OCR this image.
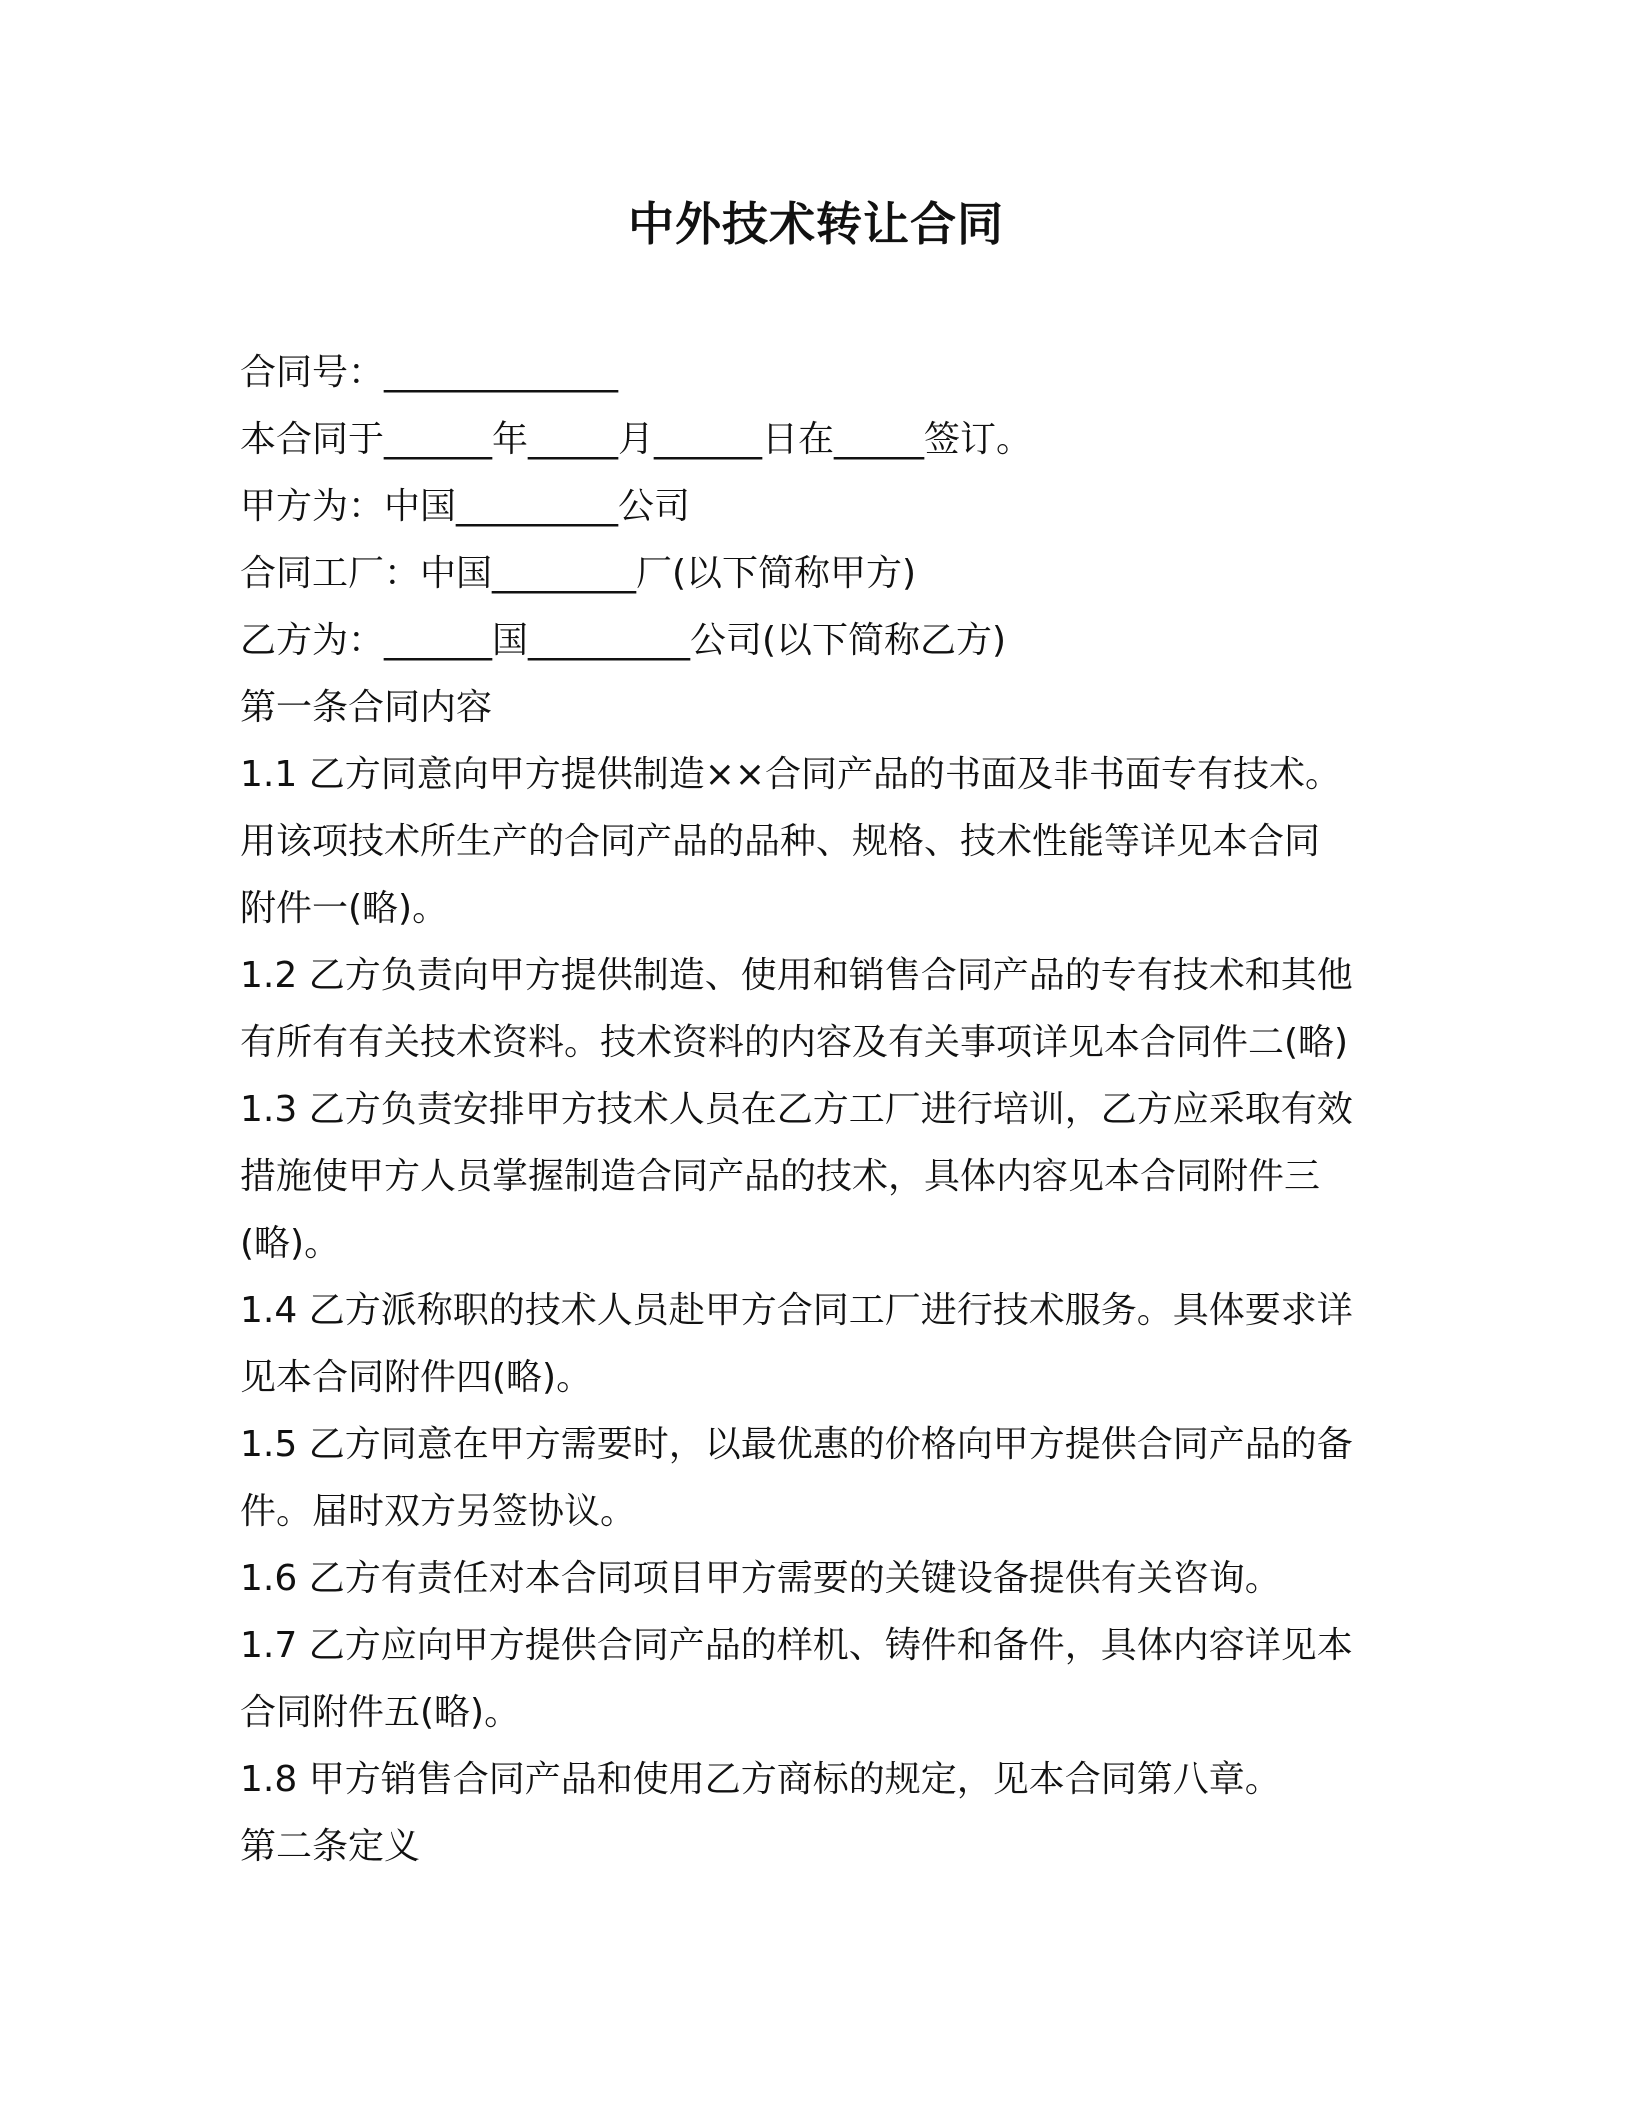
中外技术转让合同
合同号：_____________
本合同于______年_____月______日在_____签订。
甲方为：中国_________公司
合同工厂：中国________厂(以下简称甲方)
乙方为：______国_________公司(以下简称乙方)
第一条合同内容
1.1 乙方同意向甲方提供制造××合同产品的书面及非书面专有技术。
用该项技术所生产的合同产品的品种、规格、技术性能等详见本合同
附件一(略)。
1.2 乙方负责向甲方提供制造、使用和销售合同产品的专有技术和其他
有所有有关技术资料。技术资料的内容及有关事项详见本合同件二(略)
1.3 乙方负责安排甲方技术人员在乙方工厂进行培训，乙方应采取有效
措施使甲方人员掌握制造合同产品的技术，具体内容见本合同附件三
(略)。
1.4 乙方派称职的技术人员赴甲方合同工厂进行技术服务。具体要求详
见本合同附件四(略)。
1.5 乙方同意在甲方需要时，以最优惠的价格向甲方提供合同产品的备
件。届时双方另签协议。
1.6 乙方有责任对本合同项目甲方需要的关键设备提供有关咨询。
1.7 乙方应向甲方提供合同产品的样机、铸件和备件，具体内容详见本
合同附件五(略)。
1.8 甲方销售合同产品和使用乙方商标的规定，见本合同第八章。
第二条定义
